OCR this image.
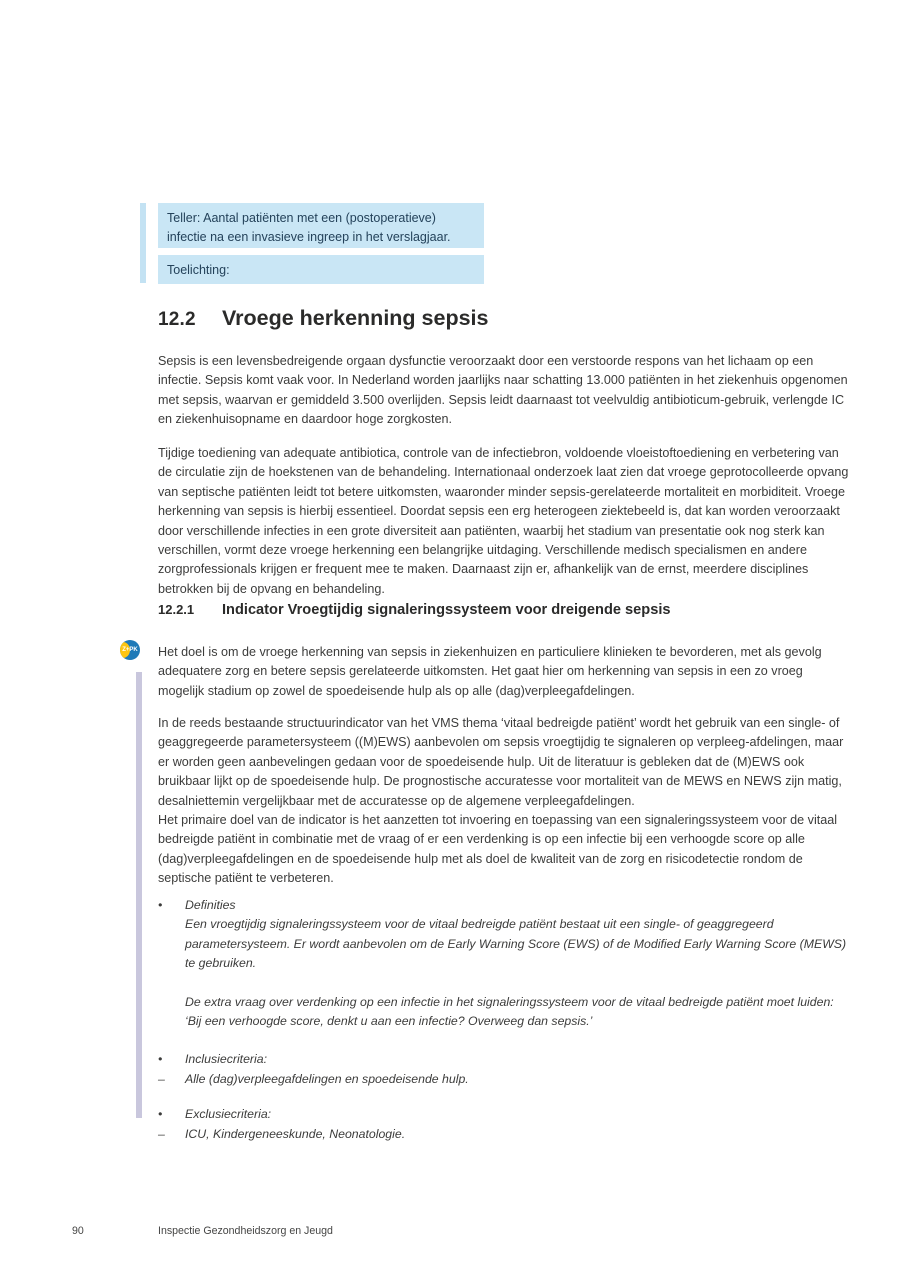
Teller: Aantal patiënten met een (postoperatieve) infectie na een invasieve ingreep in het verslagjaar.
Toelichting:
12.2	Vroege herkenning sepsis

Sepsis is een levensbedreigende orgaan dysfunctie veroorzaakt door een verstoorde respons van het lichaam op een infectie. Sepsis komt vaak voor. In Nederland worden jaarlijks naar schatting 13.000 patiënten in het ziekenhuis opgenomen met sepsis, waarvan er gemiddeld 3.500 overlijden. Sepsis leidt daarnaast tot veelvuldig antibioticum-gebruik, verlengde IC en ziekenhuisopname en daardoor hoge zorgkosten.

Tijdige toediening van adequate antibiotica, controle van de infectiebron, voldoende vloeistoftoediening en verbetering van de circulatie zijn de hoekstenen van de behandeling. Internationaal onderzoek laat zien dat vroege geprotocolleerde opvang van septische patiënten leidt tot betere uitkomsten, waaronder minder sepsis-gerelateerde mortaliteit en morbiditeit. Vroege herkenning van sepsis is hierbij essentieel. Doordat sepsis een erg heterogeen ziektebeeld is, dat kan worden veroorzaakt door verschillende infecties in een grote diversiteit aan patiënten, waarbij het stadium van presentatie ook nog sterk kan verschillen, vormt deze vroege herkenning een belangrijke uitdaging. Verschillende medisch specialismen en andere zorgprofessionals krijgen er frequent mee te maken. Daarnaast zijn er, afhankelijk van de ernst, meerdere disciplines betrokken bij de opvang en behandeling.

12.2.1	Indicator Vroegtijdig signaleringssysteem voor dreigende sepsis
Z+PK Het doel is om de vroege herkenning van sepsis in ziekenhuizen en particuliere klinieken te bevorderen, met als gevolg adequatere zorg en betere sepsis gerelateerde uitkomsten. Het gaat hier om herkenning van sepsis in een zo vroeg mogelijk stadium op zowel de spoedeisende hulp als op alle (dag)verpleegafdelingen.

In de reeds bestaande structuurindicator van het VMS thema ‘vitaal bedreigde patiënt’ wordt het gebruik van een single- of geaggregeerde parametersysteem ((M)EWS) aanbevolen om sepsis vroegtijdig te signaleren op verpleeg-afdelingen, maar er worden geen aanbevelingen gedaan voor de spoedeisende hulp. Uit de literatuur is gebleken dat de (M)EWS ook bruikbaar lijkt op de spoedeisende hulp. De prognostische accuratesse voor mortaliteit van de MEWS en NEWS zijn matig, desalniettemin vergelijkbaar met de accuratesse op de algemene verpleegafdelingen.
Het primaire doel van de indicator is het aanzetten tot invoering en toepassing van een signaleringssysteem voor de vitaal bedreigde patiënt in combinatie met de vraag of er een verdenking is op een infectie bij een verhoogde score op alle (dag)verpleegafdelingen en de spoedeisende hulp met als doel de kwaliteit van de zorg en risicodetectie rondom de septische patiënt te verbeteren.
•	Definities
Een vroegtijdig signaleringssysteem voor de vitaal bedreigde patiënt bestaat uit een single- of geaggregeerd parametersysteem. Er wordt aanbevolen om de Early Warning Score (EWS) of de Modified Early Warning Score (MEWS) te gebruiken.
De extra vraag over verdenking op een infectie in het signaleringssysteem voor de vitaal bedreigde patiënt moet luiden: ‘Bij een verhoogde score, denkt u aan een infectie? Overweeg dan sepsis.’
•	Inclusiecriteria:
–	Alle (dag)verpleegafdelingen en spoedeisende hulp.
•	Exclusiecriteria:
–	ICU, Kindergeneeskunde, Neonatologie.
90	Inspectie Gezondheidszorg en Jeugd
